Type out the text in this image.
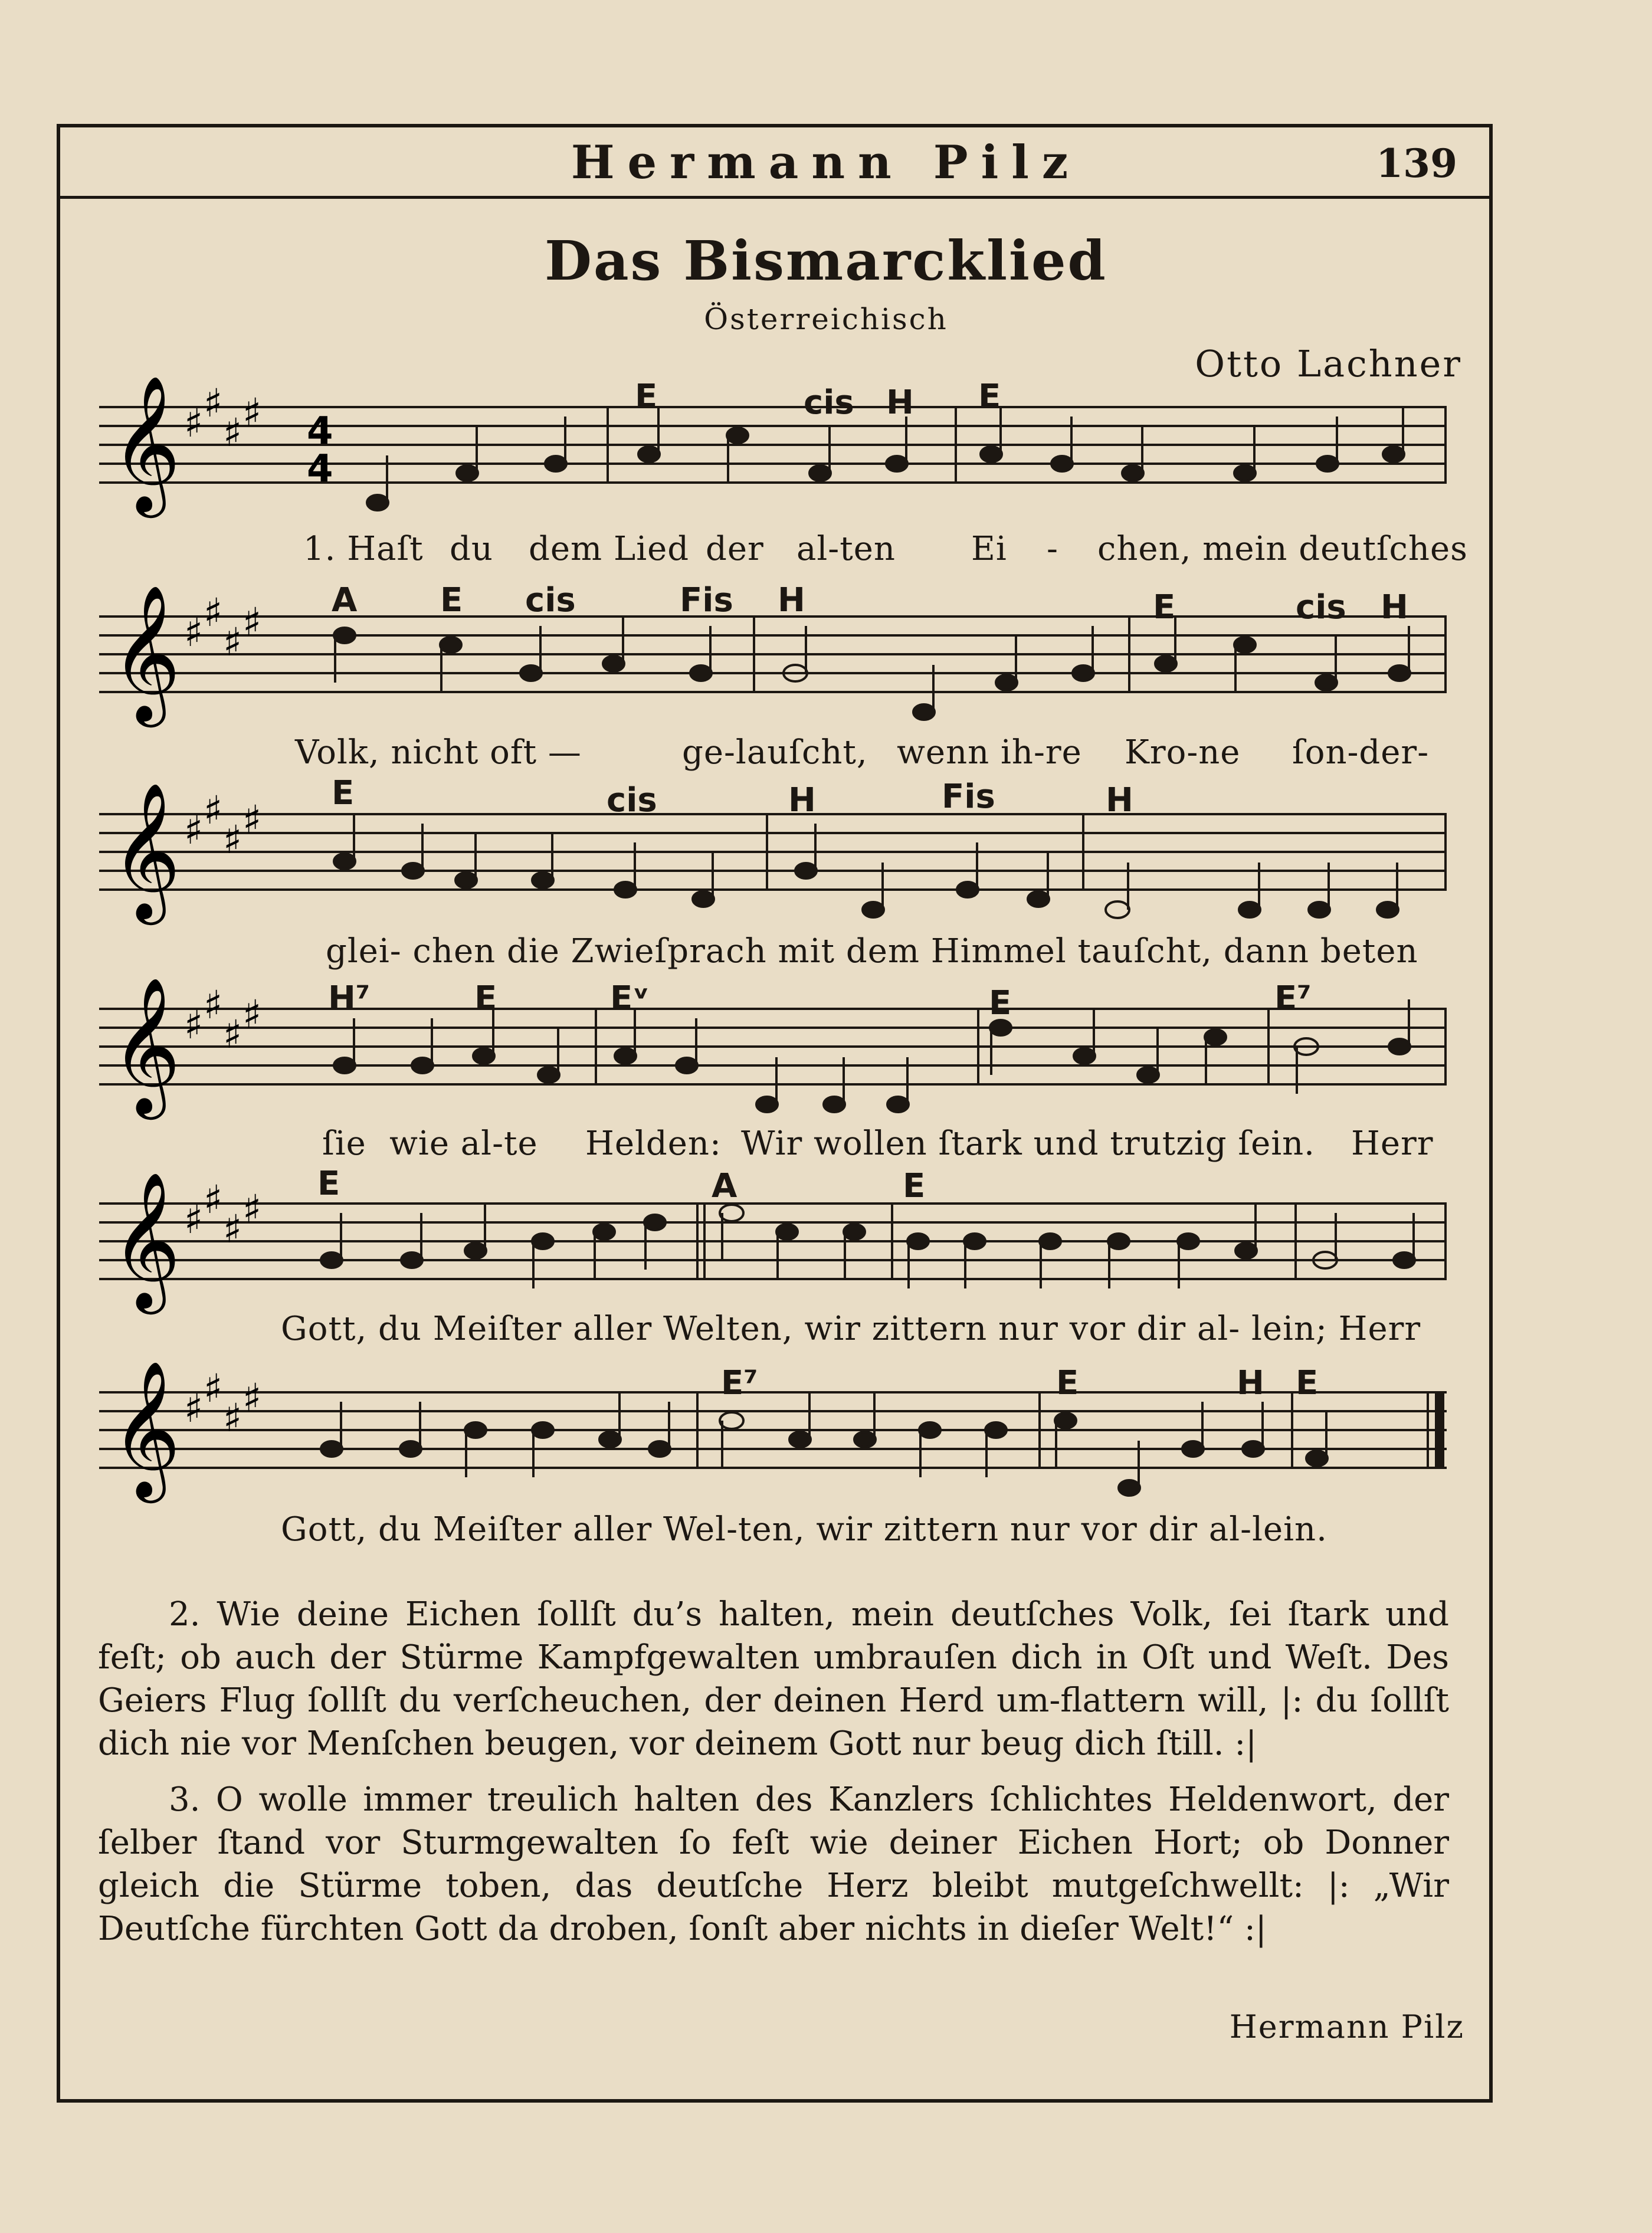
Hermann Pilz	139
Das Bismarcklied
Österreichisch
Otto Lachner
𝄞 ♯ ♯
♯ ♯ 4
4
E	cis H E
1. Haſt du dem Lied der al-ten Ei - chen, mein deutſches
𝄞 ♯ ♯
♯ ♯ A	E cis	Fis H	E	cis H
Volk, nicht oft —	ge-lauſcht, wenn ih-re Kro-ne ſon-der-
𝄞 ♯ ♯
♯ ♯
E	cis	H	Fis	H
glei- chen die Zwieſprach mit dem Himmel tauſcht, dann beten
𝄞 ♯ ♯
♯ ♯ H⁷	E	Eᵛ	E	E⁷
ſie wie al-te Helden: Wir wollen ſtark und trutzig ſein. Herr
𝄞 ♯ ♯
♯ ♯
E	A	E
Gott, du Meiſter aller Welten, wir zittern nur vor dir al- lein; Herr
𝄞 ♯ ♯
♯ ♯	E⁷	E	H E
Gott, du Meiſter aller Wel-ten, wir zittern nur vor dir al-lein.

2. Wie deine Eichen ſollſt du’s halten, mein deutſches Volk, ſei ſtark und feſt; ob auch der Stürme Kampfgewalten umbrauſen dich in Oſt und Weſt. Des Geiers Flug ſollſt du verſcheuchen, der deinen Herd um-flattern will, |: du ſollſt dich nie vor Menſchen beugen, vor deinem Gott nur beug dich ſtill. :|

3. O wolle immer treulich halten des Kanzlers ſchlichtes Heldenwort, der ſelber ſtand vor Sturmgewalten ſo feſt wie deiner Eichen Hort; ob Donner gleich die Stürme toben, das deutſche Herz bleibt mutgeſchwellt: |: „Wir Deutſche fürchten Gott da droben, ſonſt aber nichts in dieſer Welt!“ :|

Hermann Pilz
